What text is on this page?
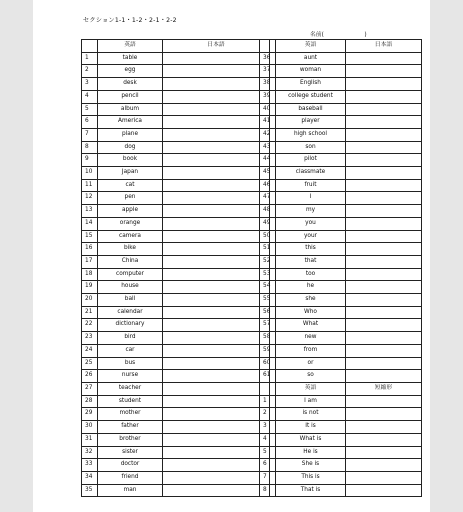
セクション1-1・1-2・2-1・2-2
名前(　　　　　　　)
	英語	日本語
1	table	
2	egg	
3	desk	
4	pencil	
5	album	
6	America	
7	plane	
8	dog	
9	book	
10	Japan	
11	cat	
12	pen	
13	apple	
14	orange	
15	camera	
16	bike	
17	China	
18	computer	
19	house	
20	ball	
21	calendar	
22	dictionary	
23	bird	
24	car	
25	bus	
26	nurse	
27	teacher	
28	student	
29	mother	
30	father	
31	brother	
32	sister	
33	doctor	
34	friend	
35	man	
	英語	日本語
36	aunt	
37	woman	
38	English	
39	college student	
40	baseball	
41	player	
42	high school	
43	son	
44	pilot	
45	classmate	
46	fruit	
47	I	
48	my	
49	you	
50	your	
51	this	
52	that	
53	too	
54	he	
55	she	
56	Who	
57	What	
58	new	
59	from	
60	or	
61	so	
	英語	短縮形
1	I am	
2	is not	
3	It is	
4	What is	
5	He is	
6	She is	
7	This is	
8	That is	
